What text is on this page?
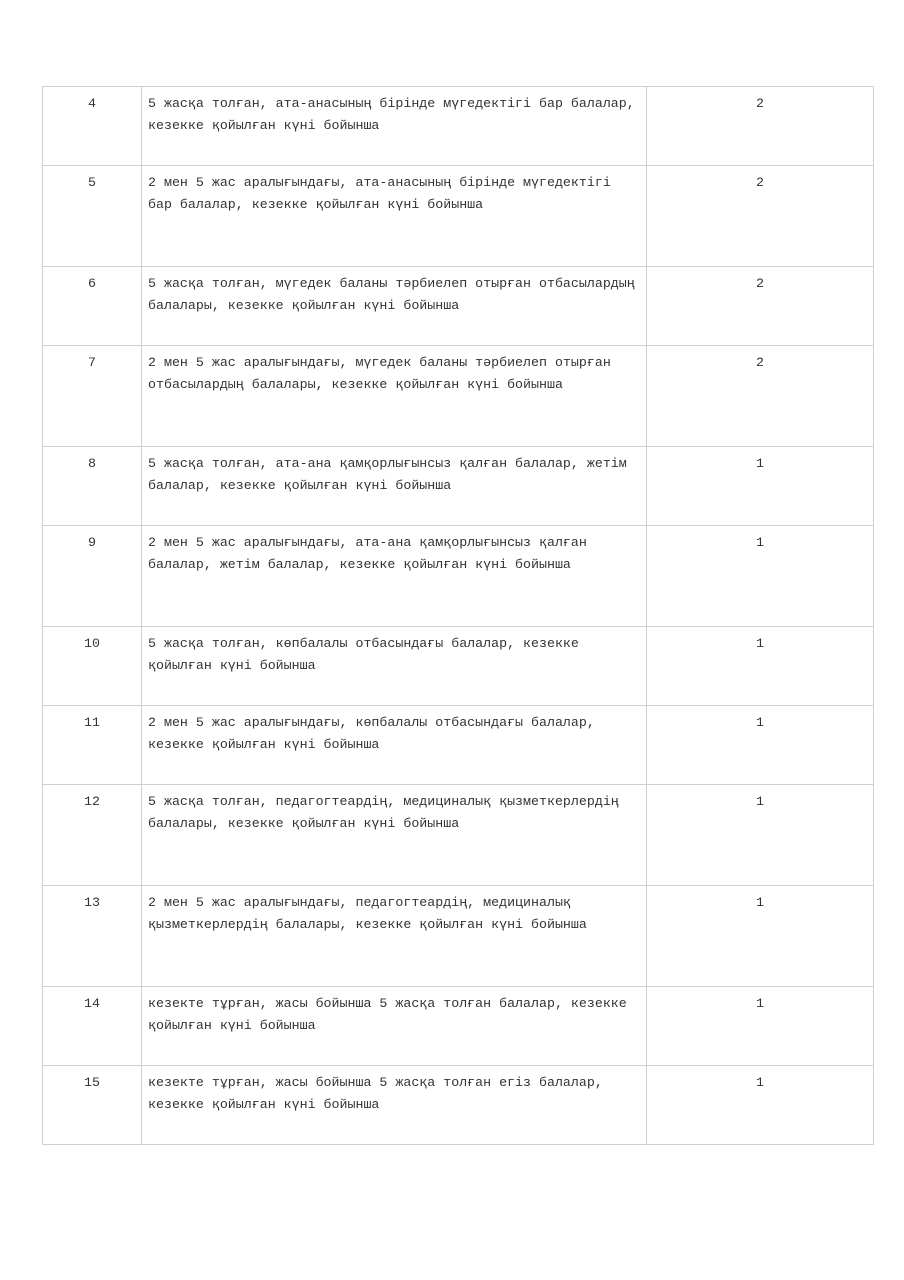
4	5 жасқа толған, ата-анасының бірінде мүгедектігі бар балалар, кезекке қойылған күні бойынша	2
5	2 мен 5 жас аралығындағы, ата-анасының бірінде мүгедектігі бар балалар, кезекке қойылған күні бойынша	2
6	5 жасқа толған, мүгедек баланы тәрбиелеп отырған отбасылардың балалары, кезекке қойылған күні бойынша	2
7	2 мен 5 жас аралығындағы, мүгедек баланы тәрбиелеп отырған отбасылардың балалары, кезекке қойылған күні бойынша	2
8	5 жасқа толған, ата-ана қамқорлығынсыз қалған балалар, жетім балалар, кезекке қойылған күні бойынша	1
9	2 мен 5 жас аралығындағы, ата-ана қамқорлығынсыз қалған балалар, жетім балалар, кезекке қойылған күні бойынша	1
10	5 жасқа толған, көпбалалы отбасындағы балалар, кезекке қойылған күні бойынша	1
11	2 мен 5 жас аралығындағы, көпбалалы отбасындағы балалар, кезекке қойылған күні бойынша	1
12	5 жасқа толған, педагогтеардің, медициналық қызметкерлердің балалары, кезекке қойылған күні бойынша	1
13	2 мен 5 жас аралығындағы, педагогтеардің, медициналық қызметкерлердің балалары, кезекке қойылған күні бойынша	1
14	кезекте тұрған, жасы бойынша 5 жасқа толған балалар, кезекке қойылған күні бойынша	1
15	кезекте тұрған, жасы бойынша 5 жасқа толған егіз балалар, кезекке қойылған күні бойынша	1
